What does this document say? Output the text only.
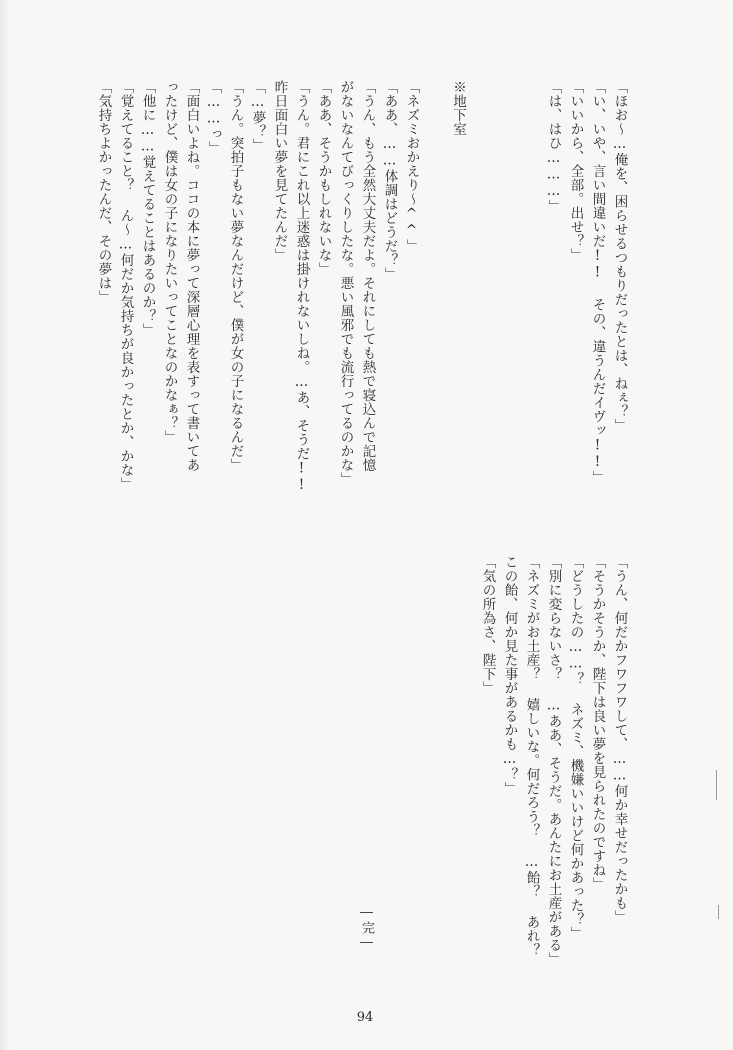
「ほお〜…俺を、困らせるつもりだったとは、ねぇ？」
「い、いや、言い間違いだ!! その、違うんだイヴッ!!」
「いいから、全部。出せ？」
「は、はひ………」
※地下室
「ネズミおかえり〜^^」
「ああ、……体調はどうだ？」
「うん、もう全然大丈夫だよ。それにしても熱で寝込んで記憶
がないなんてびっくりしたな。悪い風邪でも流行ってるのかな」
「ああ、そうかもしれないな」
「うん。君にこれ以上迷惑は掛けれないしね。…あ、そうだ!!
昨日面白い夢を見てたんだ」
「…夢？」
「うん。突拍子もない夢なんだけど、僕が女の子になるんだ」
「……っ」
「面白いよね。ココの本に夢って深層心理を表すって書いてあ
ったけど、僕は女の子になりたいってことなのかなぁ？」
「他に……覚えてることはあるのか？」
「覚えてること？ ん〜…何だか気持ちが良かったとか、かな」
「気持ちよかったんだ、その夢は」
「うん、何だかフワフワして、……何か幸せだったかも」
「そうかそうか、陛下は良い夢を見られたのですね」
「どうしたの……？ ネズミ、機嫌いいけど何かあった？」
「別に変らないさ？ …ああ、そうだ。あんたにお土産がある」
「ネズミがお土産？ 嬉しいな。何だろう？ …飴？ あれ？
この飴、何か見た事があるかも…？」
「気の所為さ、陛下」
―完―
94
